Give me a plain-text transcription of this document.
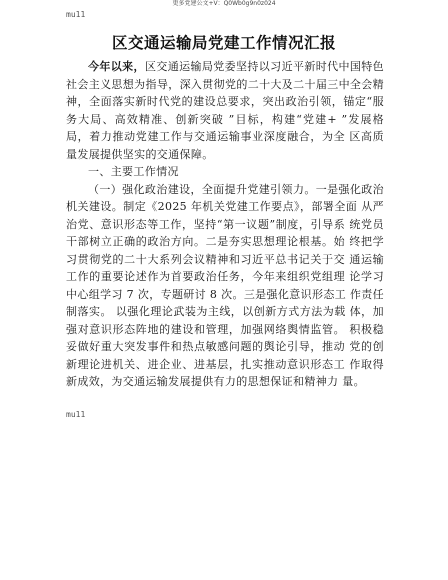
更多党建公文+V：Q0Wb0g9n0z024
mu11
区交通运输局党建工作情况汇报

今年以来，区交通运输局党委坚持以习近平新时代中国特色社会主义思想为指导，深入贯彻党的二十大及二十届三中全会精神，全面落实新时代党的建设总要求，突出政治引领，锚定“服务大局、高效精准、创新突破 ”目标，构建“党建+ ”发展格局，着力推动党建工作与交通运输事业深度融合，为全 区高质量发展提供坚实的交通保障。

一、主要工作情况

（一）强化政治建设，全面提升党建引领力。一是强化政治机关建设。制定《2025 年机关党建工作要点》，部署全面 从严治党、意识形态等工作，坚持“第一议题”制度，引导系 统党员干部树立正确的政治方向。二是夯实思想理论根基。始 终把学习贯彻党的二十大系列会议精神和习近平总书记关于交 通运输工作的重要论述作为首要政治任务，今年来组织党组理 论学习中心组学习 7 次，专题研讨 8 次。三是强化意识形态工 作责任制落实。 以强化理论武装为主线，以创新方式方法为载 体，加强对意识形态阵地的建设和管理，加强网络舆情监管。 积极稳妥做好重大突发事件和热点敏感问题的舆论引导，推动 党的创新理论进机关、进企业、进基层，扎实推动意识形态工 作取得新成效，为交通运输发展提供有力的思想保证和精神力 量。

mu11
